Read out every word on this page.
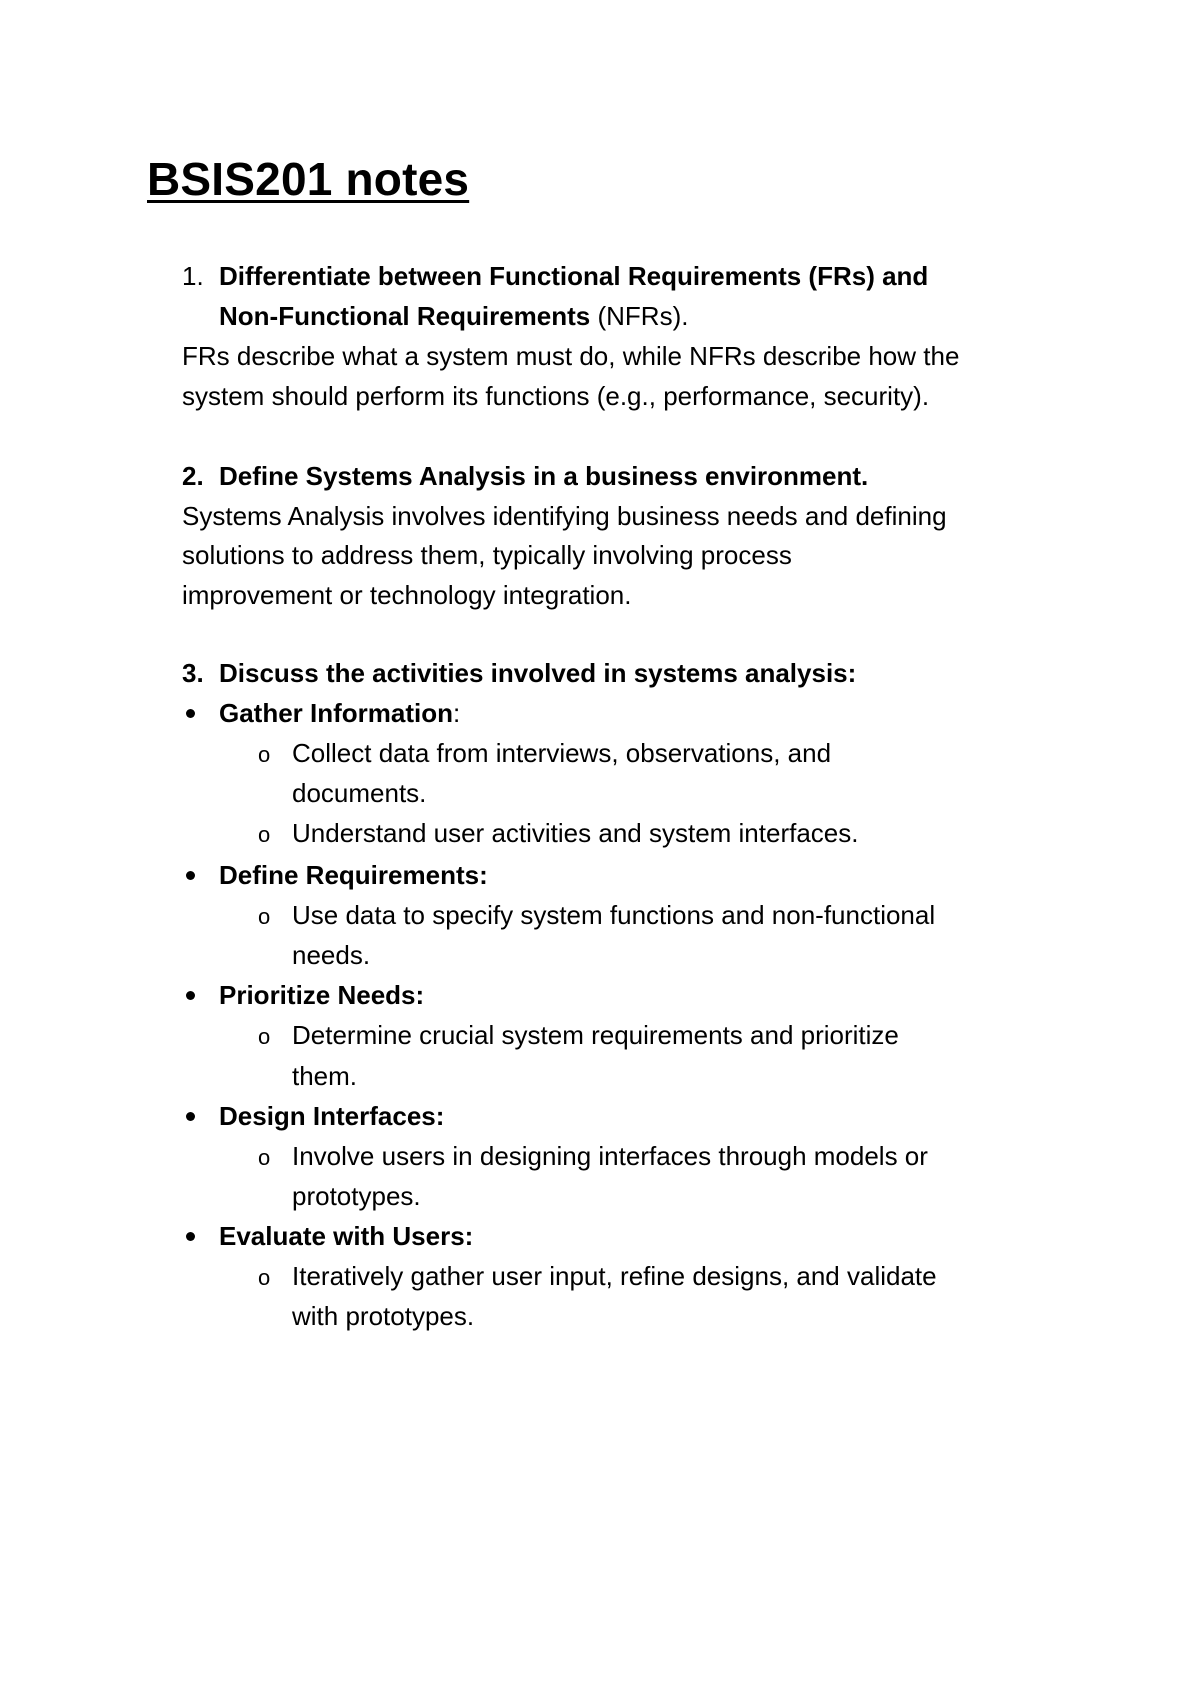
BSIS201 notes
1. Differentiate between Functional Requirements (FRs) and
Non-Functional Requirements (NFRs).
FRs describe what a system must do, while NFRs describe how the
system should perform its functions (e.g., performance, security).
2. Define Systems Analysis in a business environment.
Systems Analysis involves identifying business needs and defining
solutions to address them, typically involving process
improvement or technology integration.
3. Discuss the activities involved in systems analysis:
Gather Information:
o Collect data from interviews, observations, and
documents.
o Understand user activities and system interfaces.
Define Requirements:
o Use data to specify system functions and non-functional
needs.
Prioritize Needs:
o Determine crucial system requirements and prioritize
them.
Design Interfaces:
o Involve users in designing interfaces through models or
prototypes.
Evaluate with Users:
o Iteratively gather user input, refine designs, and validate
with prototypes.
